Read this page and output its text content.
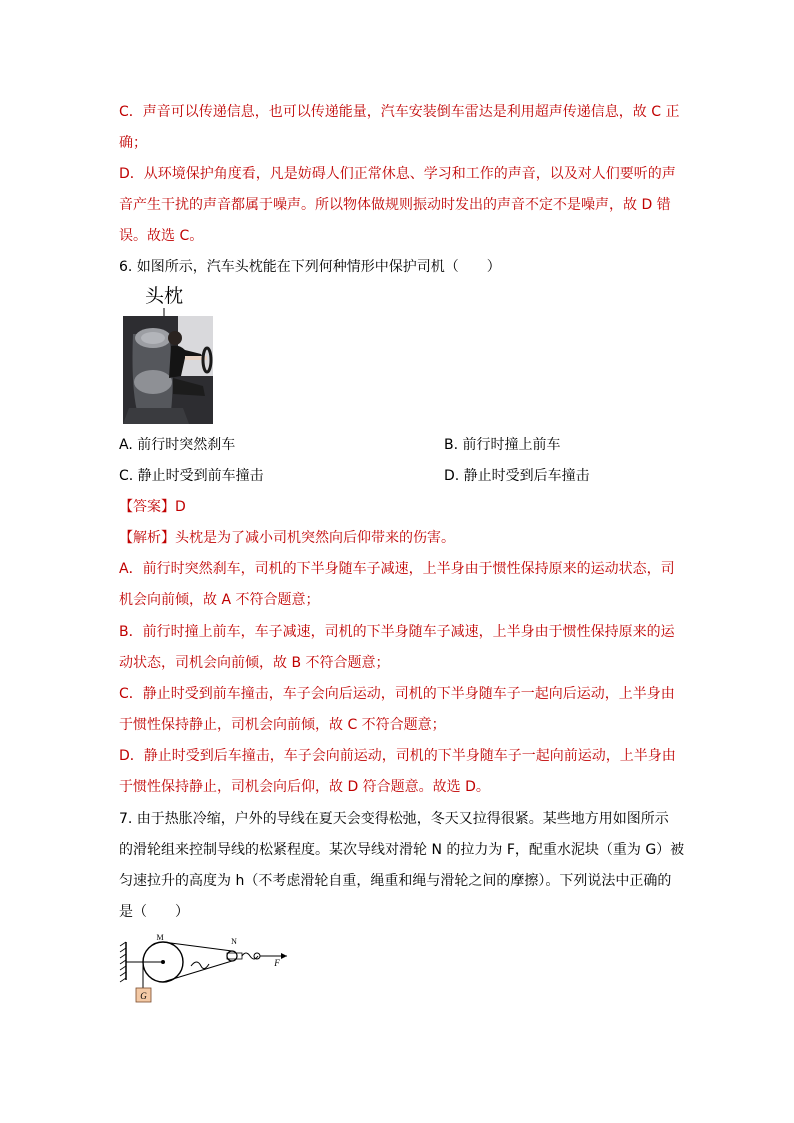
C．声音可以传递信息，也可以传递能量，汽车安装倒车雷达是利用超声传递信息，故 C 正
确；
D．从环境保护角度看，凡是妨碍人们正常休息、学习和工作的声音，以及对人们要听的声
音产生干扰的声音都属于噪声。所以物体做规则振动时发出的声音不定不是噪声，故 D 错
误。故选 C。
6. 如图所示，汽车头枕能在下列何种情形中保护司机（　　）
头枕
A. 前行时突然刹车	B. 前行时撞上前车
C. 静止时受到前车撞击	D. 静止时受到后车撞击
【答案】D
【解析】头枕是为了减小司机突然向后仰带来的伤害。
A．前行时突然刹车，司机的下半身随车子减速，上半身由于惯性保持原来的运动状态，司
机会向前倾，故 A 不符合题意；
B．前行时撞上前车，车子减速，司机的下半身随车子减速，上半身由于惯性保持原来的运
动状态，司机会向前倾，故 B 不符合题意；
C．静止时受到前车撞击，车子会向后运动，司机的下半身随车子一起向后运动，上半身由
于惯性保持静止，司机会向前倾，故 C 不符合题意；
D．静止时受到后车撞击，车子会向前运动，司机的下半身随车子一起向前运动，上半身由
于惯性保持静止，司机会向后仰，故 D 符合题意。故选 D。
7. 由于热胀冷缩，户外的导线在夏天会变得松弛，冬天又拉得很紧。某些地方用如图所示
的滑轮组来控制导线的松紧程度。某次导线对滑轮 N 的拉力为 F，配重水泥块（重为 G）被
匀速拉升的高度为 h（不考虑滑轮自重，绳重和绳与滑轮之间的摩擦）。下列说法中正确的
是（　　）
G
M	N
F
